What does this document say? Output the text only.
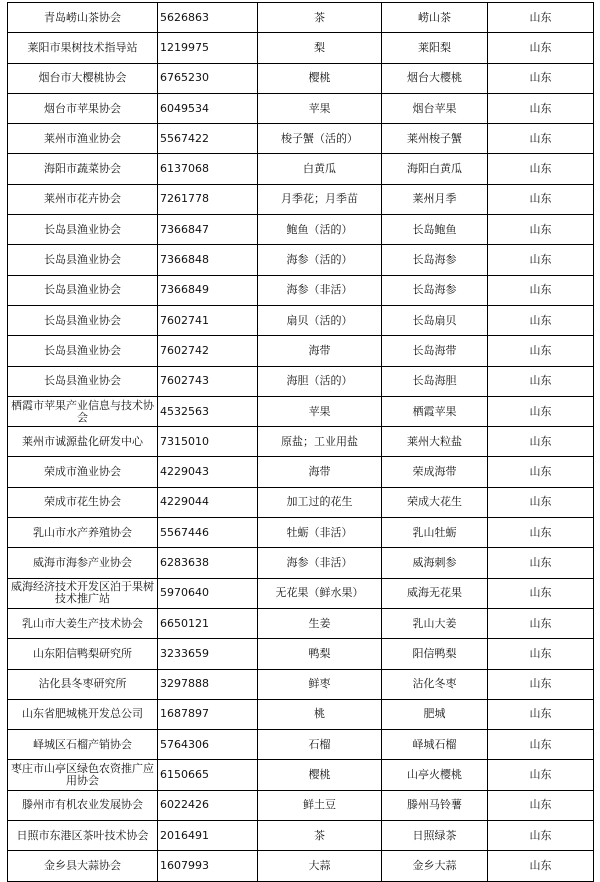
青岛崂山茶协会	5626863	茶	崂山茶	山东
莱阳市果树技术指导站	1219975	梨	莱阳梨	山东
烟台市大樱桃协会	6765230	樱桃	烟台大樱桃	山东
烟台市苹果协会	6049534	苹果	烟台苹果	山东
莱州市渔业协会	5567422	梭子蟹（活的）	莱州梭子蟹	山东
海阳市蔬菜协会	6137068	白黄瓜	海阳白黄瓜	山东
莱州市花卉协会	7261778	月季花；月季苗	莱州月季	山东
长岛县渔业协会	7366847	鲍鱼（活的）	长岛鲍鱼	山东
长岛县渔业协会	7366848	海参（活的）	长岛海参	山东
长岛县渔业协会	7366849	海参（非活）	长岛海参	山东
长岛县渔业协会	7602741	扇贝（活的）	长岛扇贝	山东
长岛县渔业协会	7602742	海带	长岛海带	山东
长岛县渔业协会	7602743	海胆（活的）	长岛海胆	山东
栖霞市苹果产业信息与技术协会	4532563	苹果	栖霞苹果	山东
莱州市诚源盐化研发中心	7315010	原盐；工业用盐	莱州大粒盐	山东
荣成市渔业协会	4229043	海带	荣成海带	山东
荣成市花生协会	4229044	加工过的花生	荣成大花生	山东
乳山市水产养殖协会	5567446	牡蛎（非活）	乳山牡蛎	山东
威海市海参产业协会	6283638	海参（非活）	威海刺参	山东
威海经济技术开发区泊于果树技术推广站	5970640	无花果（鲜水果）	威海无花果	山东
乳山市大姜生产技术协会	6650121	生姜	乳山大姜	山东
山东阳信鸭梨研究所	3233659	鸭梨	阳信鸭梨	山东
沾化县冬枣研究所	3297888	鲜枣	沾化冬枣	山东
山东省肥城桃开发总公司	1687897	桃	肥城	山东
峄城区石榴产销协会	5764306	石榴	峄城石榴	山东
枣庄市山亭区绿色农资推广应用协会	6150665	樱桃	山亭火樱桃	山东
滕州市有机农业发展协会	6022426	鲜土豆	滕州马铃薯	山东
日照市东港区茶叶技术协会	2016491	茶	日照绿茶	山东
金乡县大蒜协会	1607993	大蒜	金乡大蒜	山东
